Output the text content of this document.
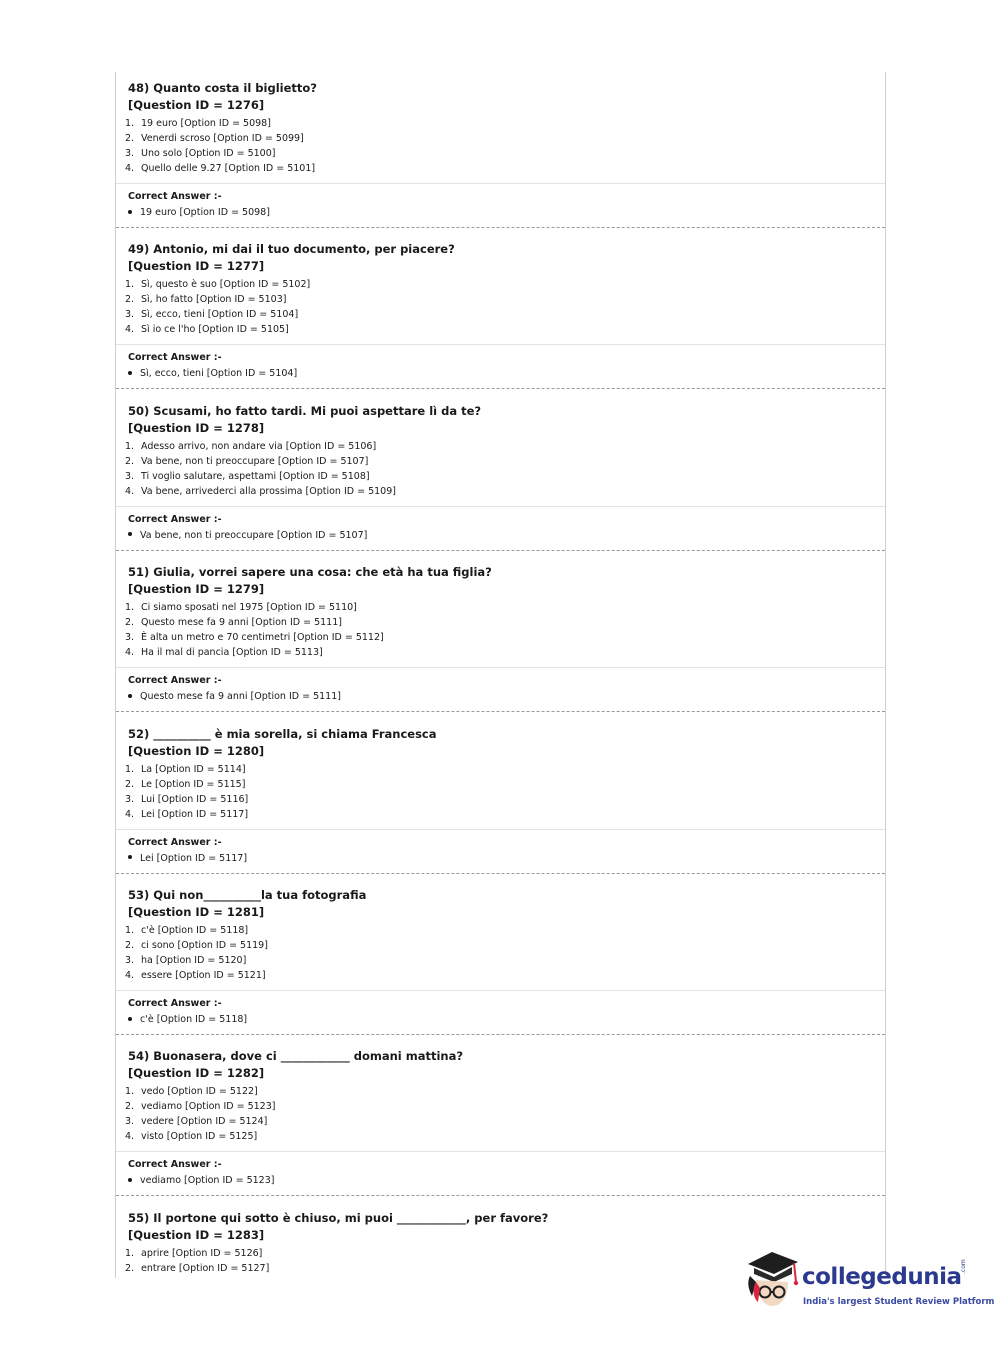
48) Quanto costa il biglietto?
[Question ID = 1276]
1. 19 euro [Option ID = 5098]
2. Venerdi scroso [Option ID = 5099]
3. Uno solo [Option ID = 5100]
4. Quello delle 9.27 [Option ID = 5101]
Correct Answer :-
19 euro [Option ID = 5098]
49) Antonio, mi dai il tuo documento, per piacere?
[Question ID = 1277]
1. Sì, questo è suo [Option ID = 5102]
2. Sì, ho fatto [Option ID = 5103]
3. Sì, ecco, tieni [Option ID = 5104]
4. Sì io ce l'ho [Option ID = 5105]
Correct Answer :-
Sì, ecco, tieni [Option ID = 5104]
50) Scusami, ho fatto tardi. Mi puoi aspettare lì da te?
[Question ID = 1278]
1. Adesso arrivo, non andare via [Option ID = 5106]
2. Va bene, non ti preoccupare [Option ID = 5107]
3. Ti voglio salutare, aspettami [Option ID = 5108]
4. Va bene, arrivederci alla prossima [Option ID = 5109]
Correct Answer :-
Va bene, non ti preoccupare [Option ID = 5107]
51) Giulia, vorrei sapere una cosa: che età ha tua figlia?
[Question ID = 1279]
1. Ci siamo sposati nel 1975 [Option ID = 5110]
2. Questo mese fa 9 anni [Option ID = 5111]
3. È alta un metro e 70 centimetri [Option ID = 5112]
4. Ha il mal di pancia [Option ID = 5113]
Correct Answer :-
Questo mese fa 9 anni [Option ID = 5111]
52) __________ è mia sorella, si chiama Francesca
[Question ID = 1280]
1. La [Option ID = 5114]
2. Le [Option ID = 5115]
3. Lui [Option ID = 5116]
4. Lei [Option ID = 5117]
Correct Answer :-
Lei [Option ID = 5117]
53) Qui non__________la tua fotografia
[Question ID = 1281]
1. c'è [Option ID = 5118]
2. ci sono [Option ID = 5119]
3. ha [Option ID = 5120]
4. essere [Option ID = 5121]
Correct Answer :-
c'è [Option ID = 5118]
54) Buonasera, dove ci ____________ domani mattina?
[Question ID = 1282]
1. vedo [Option ID = 5122]
2. vediamo [Option ID = 5123]
3. vedere [Option ID = 5124]
4. visto [Option ID = 5125]
Correct Answer :-
vediamo [Option ID = 5123]
55) Il portone qui sotto è chiuso, mi puoi ____________, per favore?
[Question ID = 1283]
1. aprire [Option ID = 5126]
2. entrare [Option ID = 5127]	collegedunia
.com
India's largest Student Review Platform
